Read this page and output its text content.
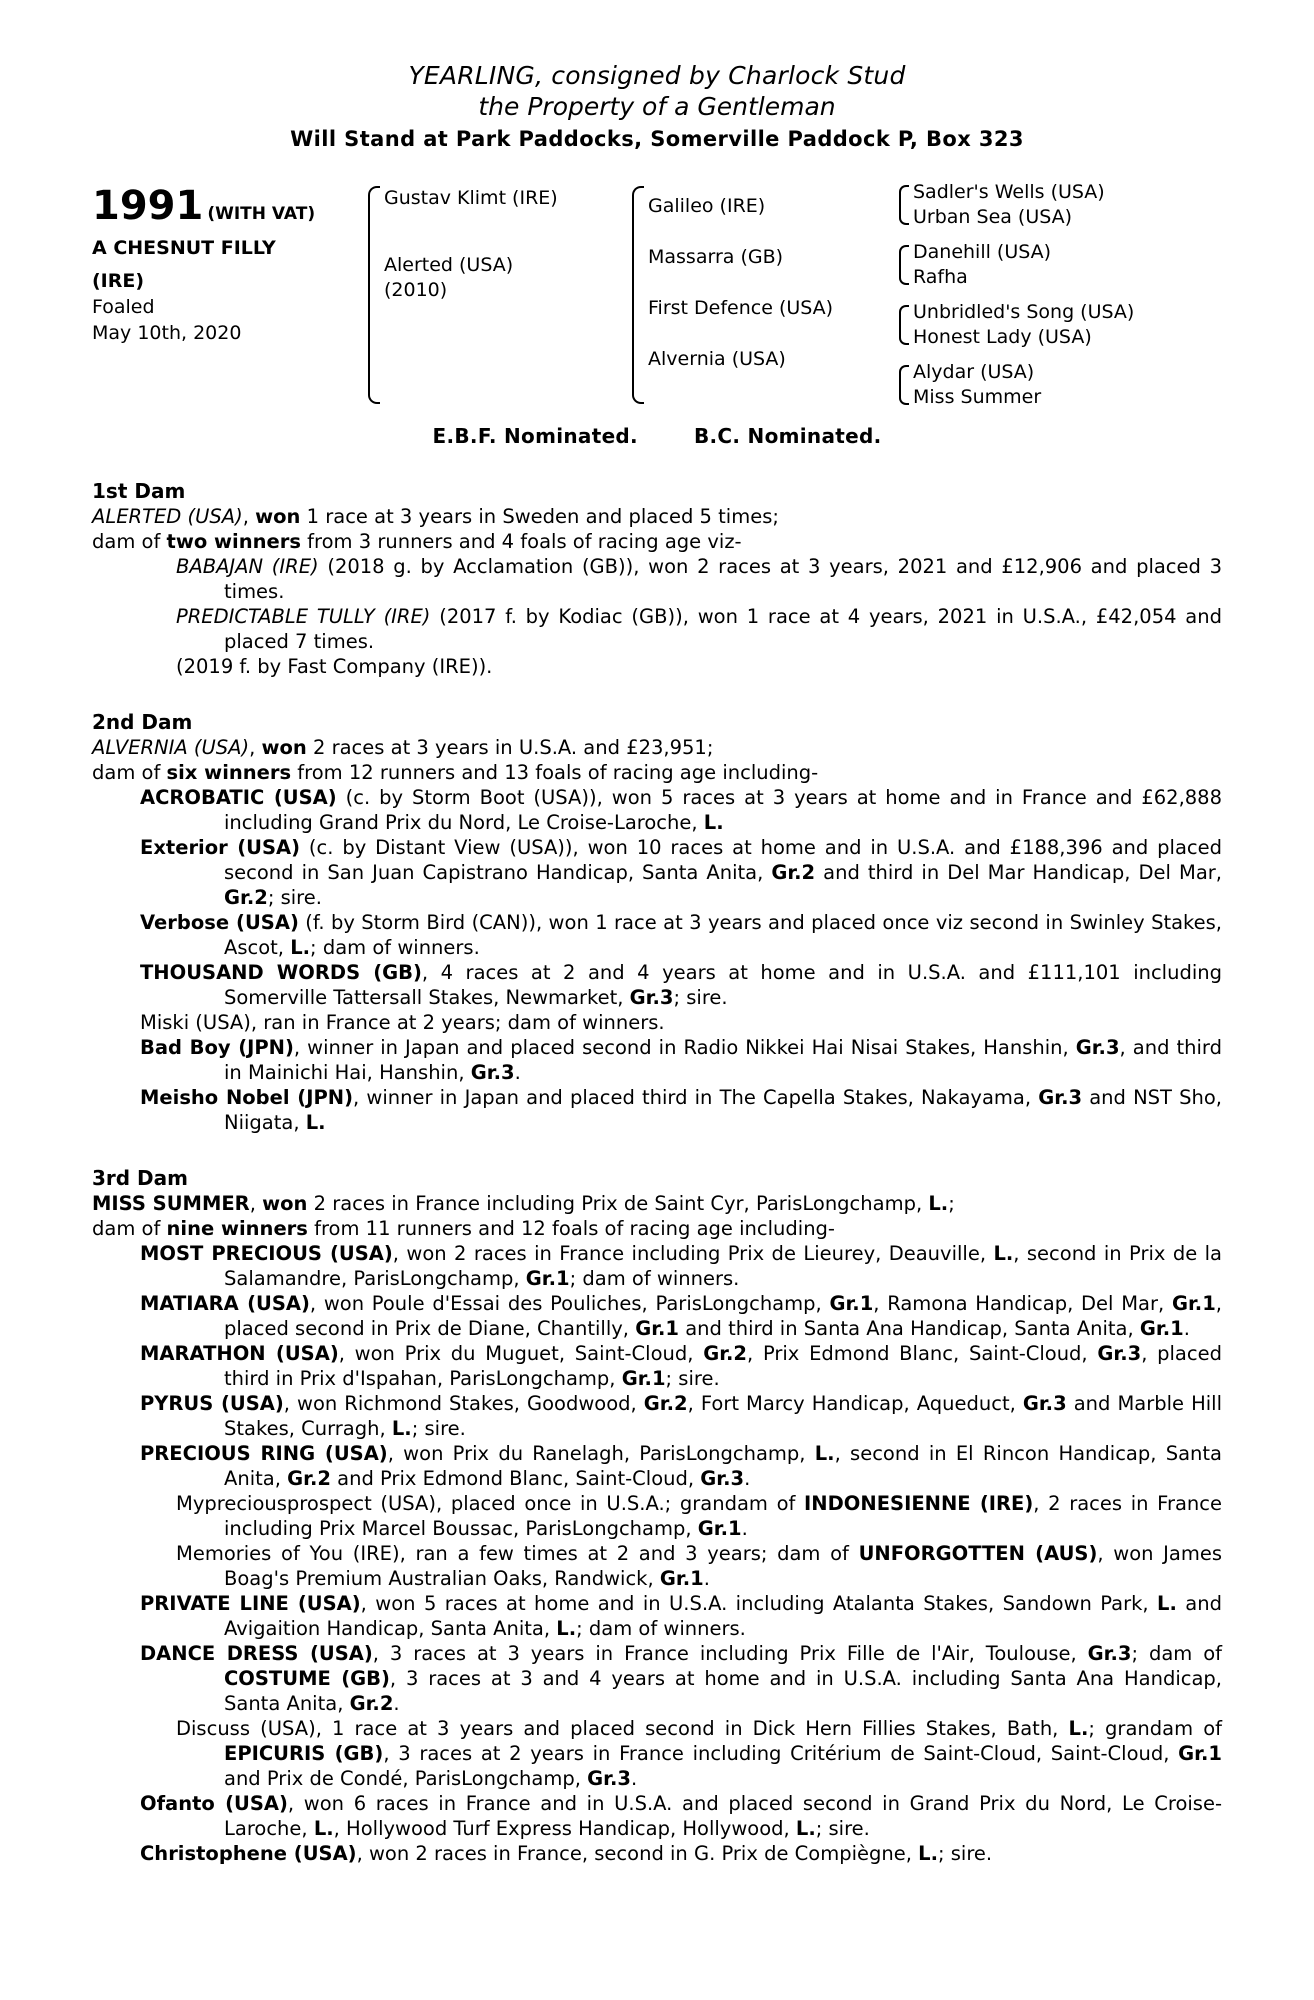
YEARLING, consigned by Charlock Stud
the Property of a Gentleman
Will Stand at Park Paddocks, Somerville Paddock P, Box 323
1991 (WITH VAT)
A CHESNUT FILLY
(IRE)
Foaled
May 10th, 2020
Gustav Klimt (IRE)
Alerted (USA)
(2010)
Galileo (IRE)
Massarra (GB)
First Defence (USA)
Alvernia (USA)
Sadler's Wells (USA)
Urban Sea (USA)
Danehill (USA)
Rafha
Unbridled's Song (USA)
Honest Lady (USA)
Alydar (USA)
Miss Summer
E.B.F. Nominated.	B.C. Nominated.
1st Dam

ALERTED (USA), won 1 race at 3 years in Sweden and placed 5 times;

dam of two winners from 3 runners and 4 foals of racing age viz-

BABAJAN (IRE) (2018 g. by Acclamation (GB)), won 2 races at 3 years, 2021 and £12,906 and placed 3 times.

PREDICTABLE TULLY (IRE) (2017 f. by Kodiac (GB)), won 1 race at 4 years, 2021 in U.S.A., £42,054 and placed 7 times.

(2019 f. by Fast Company (IRE)).

2nd Dam

ALVERNIA (USA), won 2 races at 3 years in U.S.A. and £23,951;

dam of six winners from 12 runners and 13 foals of racing age including-

ACROBATIC (USA) (c. by Storm Boot (USA)), won 5 races at 3 years at home and in France and £62,888 including Grand Prix du Nord, Le Croise-Laroche, L.

Exterior (USA) (c. by Distant View (USA)), won 10 races at home and in U.S.A. and £188,396 and placed second in San Juan Capistrano Handicap, Santa Anita, Gr.2 and third in Del Mar Handicap, Del Mar, Gr.2; sire.

Verbose (USA) (f. by Storm Bird (CAN)), won 1 race at 3 years and placed once viz second in Swinley Stakes, Ascot, L.; dam of winners.

THOUSAND WORDS (GB), 4 races at 2 and 4 years at home and in U.S.A. and £111,101 including Somerville Tattersall Stakes, Newmarket, Gr.3; sire.

Miski (USA), ran in France at 2 years; dam of winners.

Bad Boy (JPN), winner in Japan and placed second in Radio Nikkei Hai Nisai Stakes, Hanshin, Gr.3, and third in Mainichi Hai, Hanshin, Gr.3.

Meisho Nobel (JPN), winner in Japan and placed third in The Capella Stakes, Nakayama, Gr.3 and NST Sho, Niigata, L.

3rd Dam

MISS SUMMER, won 2 races in France including Prix de Saint Cyr, ParisLongchamp, L.;

dam of nine winners from 11 runners and 12 foals of racing age including-

MOST PRECIOUS (USA), won 2 races in France including Prix de Lieurey, Deauville, L., second in Prix de la Salamandre, ParisLongchamp, Gr.1; dam of winners.

MATIARA (USA), won Poule d'Essai des Pouliches, ParisLongchamp, Gr.1, Ramona Handicap, Del Mar, Gr.1, placed second in Prix de Diane, Chantilly, Gr.1 and third in Santa Ana Handicap, Santa Anita, Gr.1.

MARATHON (USA), won Prix du Muguet, Saint-Cloud, Gr.2, Prix Edmond Blanc, Saint-Cloud, Gr.3, placed third in Prix d'Ispahan, ParisLongchamp, Gr.1; sire.

PYRUS (USA), won Richmond Stakes, Goodwood, Gr.2, Fort Marcy Handicap, Aqueduct, Gr.3 and Marble Hill Stakes, Curragh, L.; sire.

PRECIOUS RING (USA), won Prix du Ranelagh, ParisLongchamp, L., second in El Rincon Handicap, Santa Anita, Gr.2 and Prix Edmond Blanc, Saint-Cloud, Gr.3.

Mypreciousprospect (USA), placed once in U.S.A.; grandam of INDONESIENNE (IRE), 2 races in France including Prix Marcel Boussac, ParisLongchamp, Gr.1.

Memories of You (IRE), ran a few times at 2 and 3 years; dam of UNFORGOTTEN (AUS), won James Boag's Premium Australian Oaks, Randwick, Gr.1.

PRIVATE LINE (USA), won 5 races at home and in U.S.A. including Atalanta Stakes, Sandown Park, L. and Avigaition Handicap, Santa Anita, L.; dam of winners.

DANCE DRESS (USA), 3 races at 3 years in France including Prix Fille de l'Air, Toulouse, Gr.3; dam of COSTUME (GB), 3 races at 3 and 4 years at home and in U.S.A. including Santa Ana Handicap, Santa Anita, Gr.2.

Discuss (USA), 1 race at 3 years and placed second in Dick Hern Fillies Stakes, Bath, L.; grandam of EPICURIS (GB), 3 races at 2 years in France including Critérium de Saint-Cloud, Saint-Cloud, Gr.1 and Prix de Condé, ParisLongchamp, Gr.3.

Ofanto (USA), won 6 races in France and in U.S.A. and placed second in Grand Prix du Nord, Le Croise-Laroche, L., Hollywood Turf Express Handicap, Hollywood, L.; sire.

Christophene (USA), won 2 races in France, second in G. Prix de Compiègne, L.; sire.
